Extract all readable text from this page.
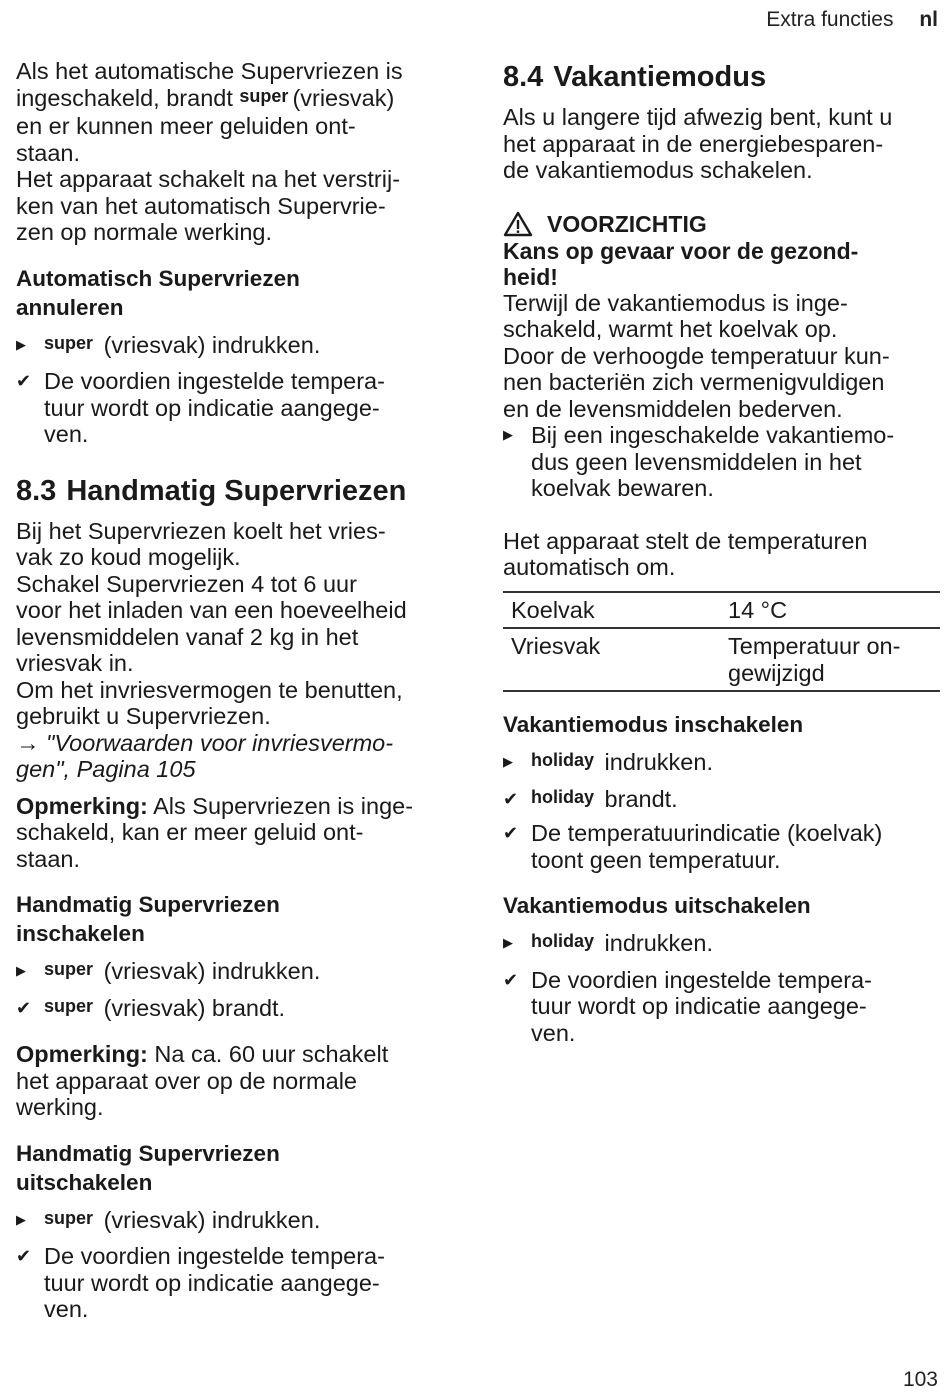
Extra functies nl
Als het automatische Supervriezen is
ingeschakeld, brandt super (vriesvak)
en er kunnen meer geluiden ont-
staan.
Het apparaat schakelt na het verstrij-
ken van het automatisch Supervrie-
zen op normale werking.
Automatisch Supervriezen
annuleren
▶	super (vriesvak) indrukken.
✔ De voordien ingestelde tempera-
tuur wordt op indicatie aangege-
ven.
8.3 Handmatig Supervriezen
Bij het Supervriezen koelt het vries-
vak zo koud mogelijk.
Schakel Supervriezen 4 tot 6 uur
voor het inladen van een hoeveelheid
levensmiddelen vanaf 2 kg in het
vriesvak in.
Om het invriesvermogen te benutten,
gebruikt u Supervriezen.
→ "Voorwaarden voor invriesvermo-
gen", Pagina 105
Opmerking: Als Supervriezen is inge-
schakeld, kan er meer geluid ont-
staan.
Handmatig Supervriezen
inschakelen
▶	super (vriesvak) indrukken.
✔ super (vriesvak) brandt.
Opmerking: Na ca. 60 uur schakelt
het apparaat over op de normale
werking.
Handmatig Supervriezen
uitschakelen
▶	super (vriesvak) indrukken.
✔ De voordien ingestelde tempera-
tuur wordt op indicatie aangege-
ven.
8.4 Vakantiemodus
Als u langere tijd afwezig bent, kunt u
het apparaat in de energiebesparen-
de vakantiemodus schakelen.
VOORZICHTIG
Kans op gevaar voor de gezond-
heid!
Terwijl de vakantiemodus is inge-
schakeld, warmt het koelvak op.
Door de verhoogde temperatuur kun-
nen bacteriën zich vermenigvuldigen
en de levensmiddelen bederven.
▶ Bij een ingeschakelde vakantiemo-
dus geen levensmiddelen in het
koelvak bewaren.
Het apparaat stelt de temperaturen
automatisch om.
Koelvak	14 °C

Vriesvak	Temperatuur on-
gewijzigd
Vakantiemodus inschakelen
▶	holiday indrukken.
✔ holiday brandt.
✔ De temperatuurindicatie (koelvak)
toont geen temperatuur.
Vakantiemodus uitschakelen
▶	holiday indrukken.
✔ De voordien ingestelde tempera-
tuur wordt op indicatie aangege-
ven.
103
